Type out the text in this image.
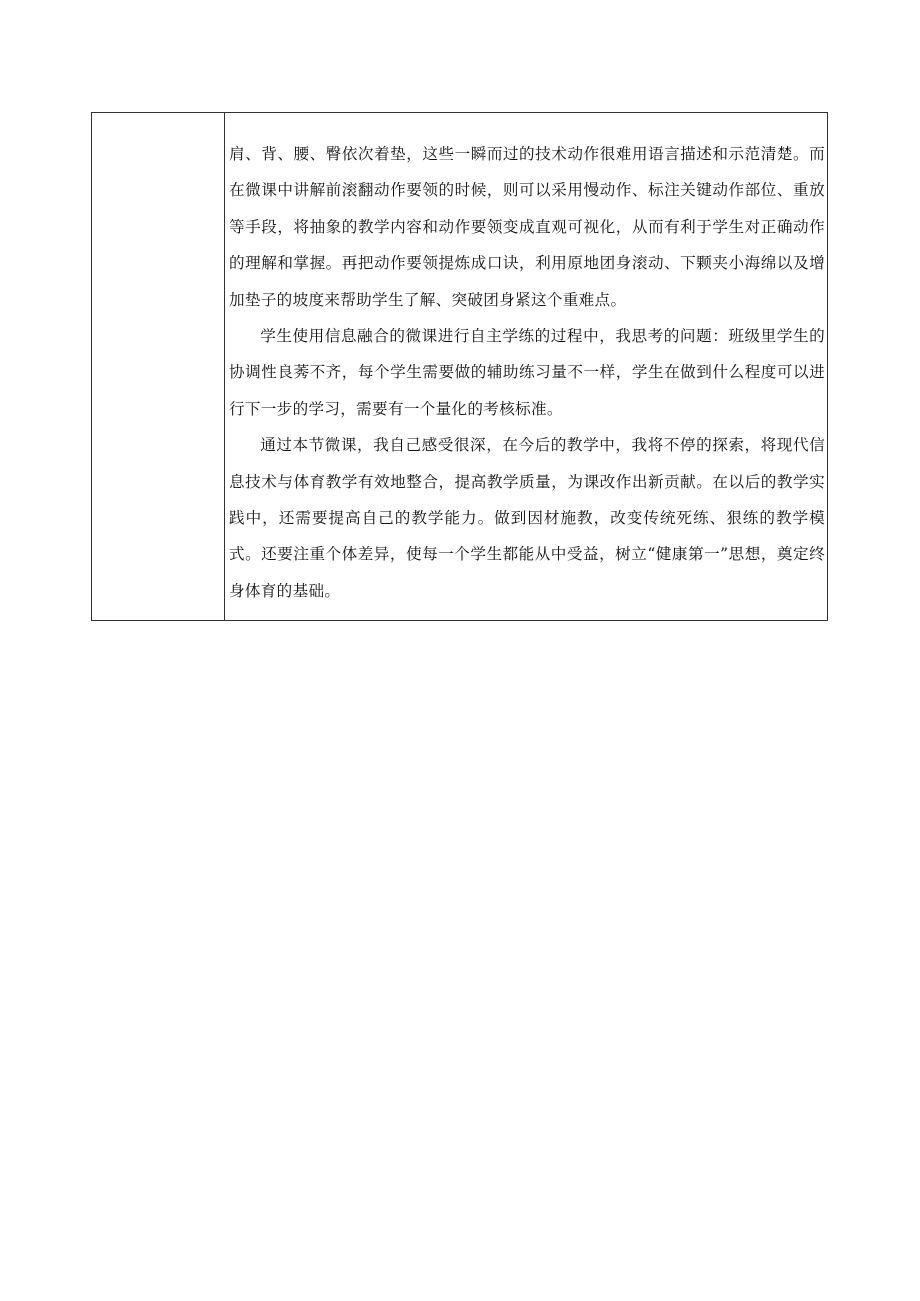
肩、背、腰、臀依次着垫，这些一瞬而过的技术动作很难用语言描述和示范清楚。而在微课中讲解前滚翻动作要领的时候，则可以采用慢动作、标注关键动作部位、重放等手段，将抽象的教学内容和动作要领变成直观可视化，从而有利于学生对正确动作的理解和掌握。再把动作要领提炼成口诀，利用原地团身滚动、下颗夹小海绵以及增加垫子的坡度来帮助学生了解、突破团身紧这个重难点。

学生使用信息融合的微课进行自主学练的过程中，我思考的问题：班级里学生的协调性良莠不齐，每个学生需要做的辅助练习量不一样，学生在做到什么程度可以进行下一步的学习，需要有一个量化的考核标准。

通过本节微课，我自己感受很深，在今后的教学中，我将不停的探索，将现代信息技术与体育教学有效地整合，提高教学质量，为课改作出新贡献。在以后的教学实践中，还需要提高自己的教学能力。做到因材施教，改变传统死练、狠练的教学模式。还要注重个体差异，使每一个学生都能从中受益，树立“健康第一”思想，奠定终身体育的基础。
